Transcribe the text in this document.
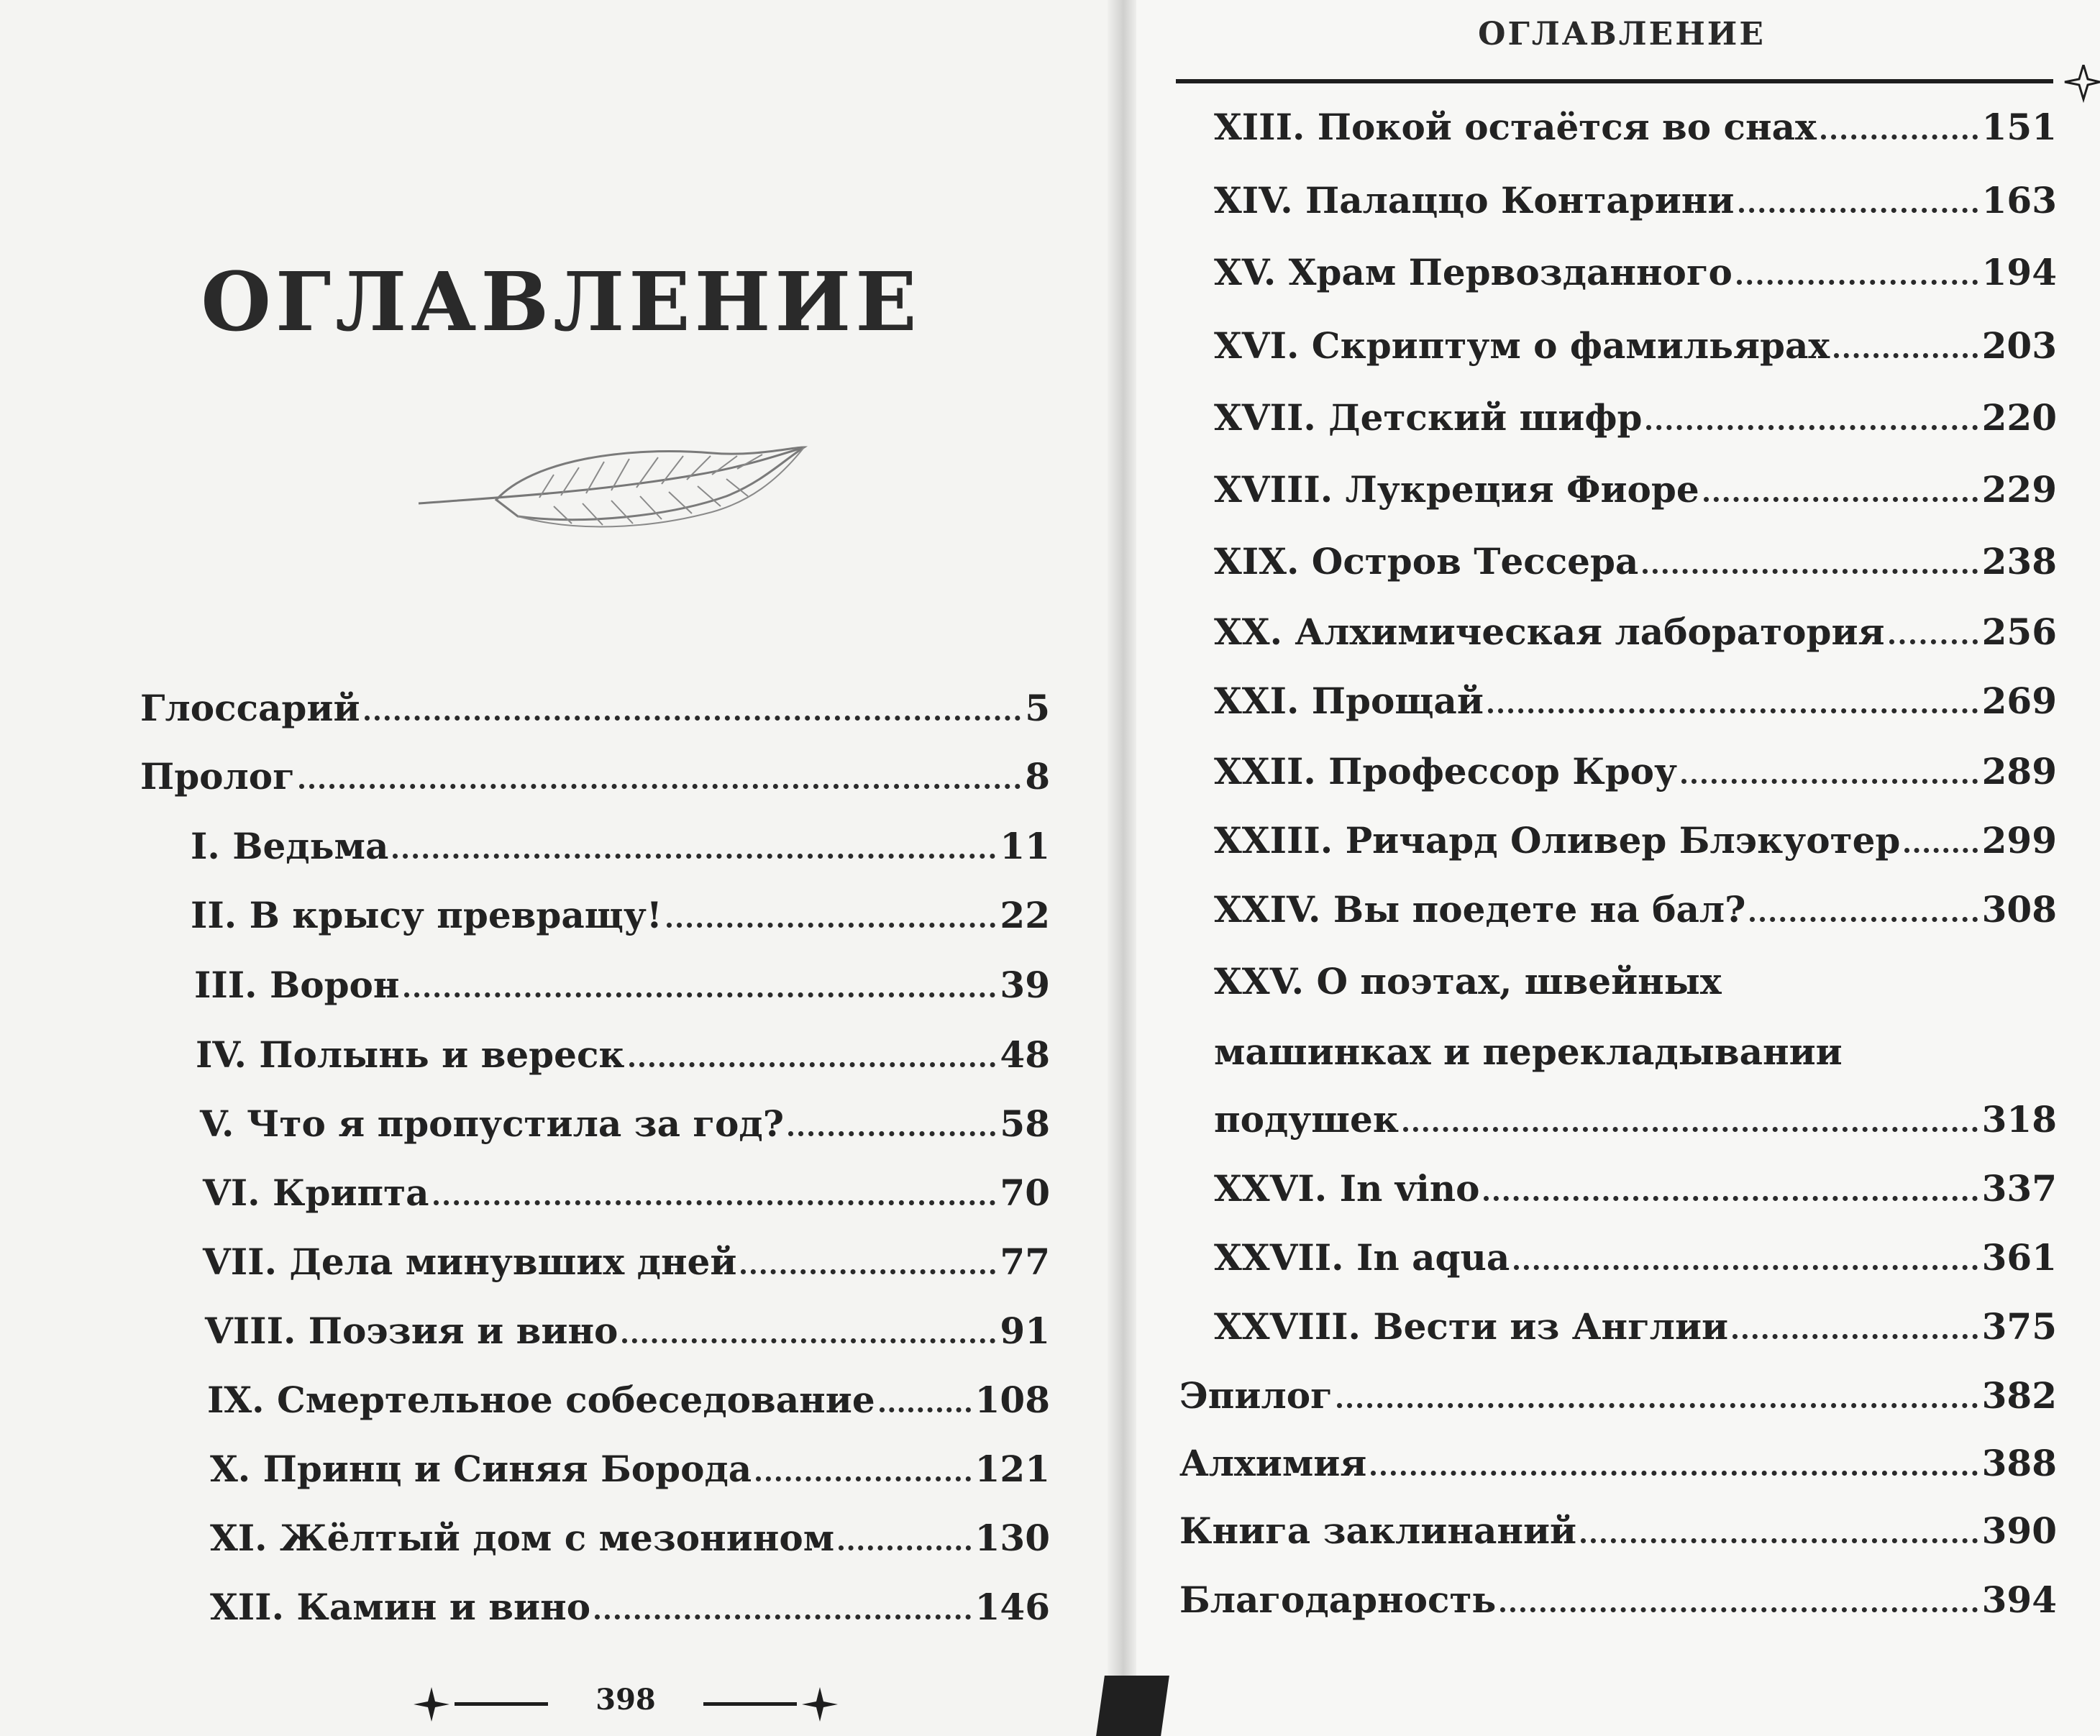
ОГЛАВЛЕНИЕ
Глоссарий	5
Пролог	8
I. Ведьма	11
II. В крысу превращу!	22
III. Ворон	39
IV. Полынь и вереск	48
V. Что я пропустила за год?	58
VI. Крипта	70
VII. Дела минувших дней	77
VIII. Поэзия и вино	91
IX. Смертельное собеседование	108
X. Принц и Синяя Борода	121
XI. Жёлтый дом с мезонином	130
XII. Камин и вино	146
398
ОГЛАВЛЕНИЕ
XIII. Покой остаётся во снах	151
XIV. Палаццо Контарини	163
XV. Храм Первозданного	194
XVI. Скриптум о фамильярах	203
XVII. Детский шифр	220
XVIII. Лукреция Фиоре	229
XIX. Остров Тессера	238
XX. Алхимическая лаборатория	256
XXI. Прощай	269
XXII. Профессор Кроу	289
XXIII. Ричард Оливер Блэкуотер 299
XXIV. Вы поедете на бал?	308
XXV. О поэтах, швейных
машинках и перекладывании
подушек	318
XXVI. In vino	337
XXVII. In aqua	361
XXVIII. Вести из Англии	375
Эпилог	382
Алхимия	388
Книга заклинаний	390
Благодарность	394
